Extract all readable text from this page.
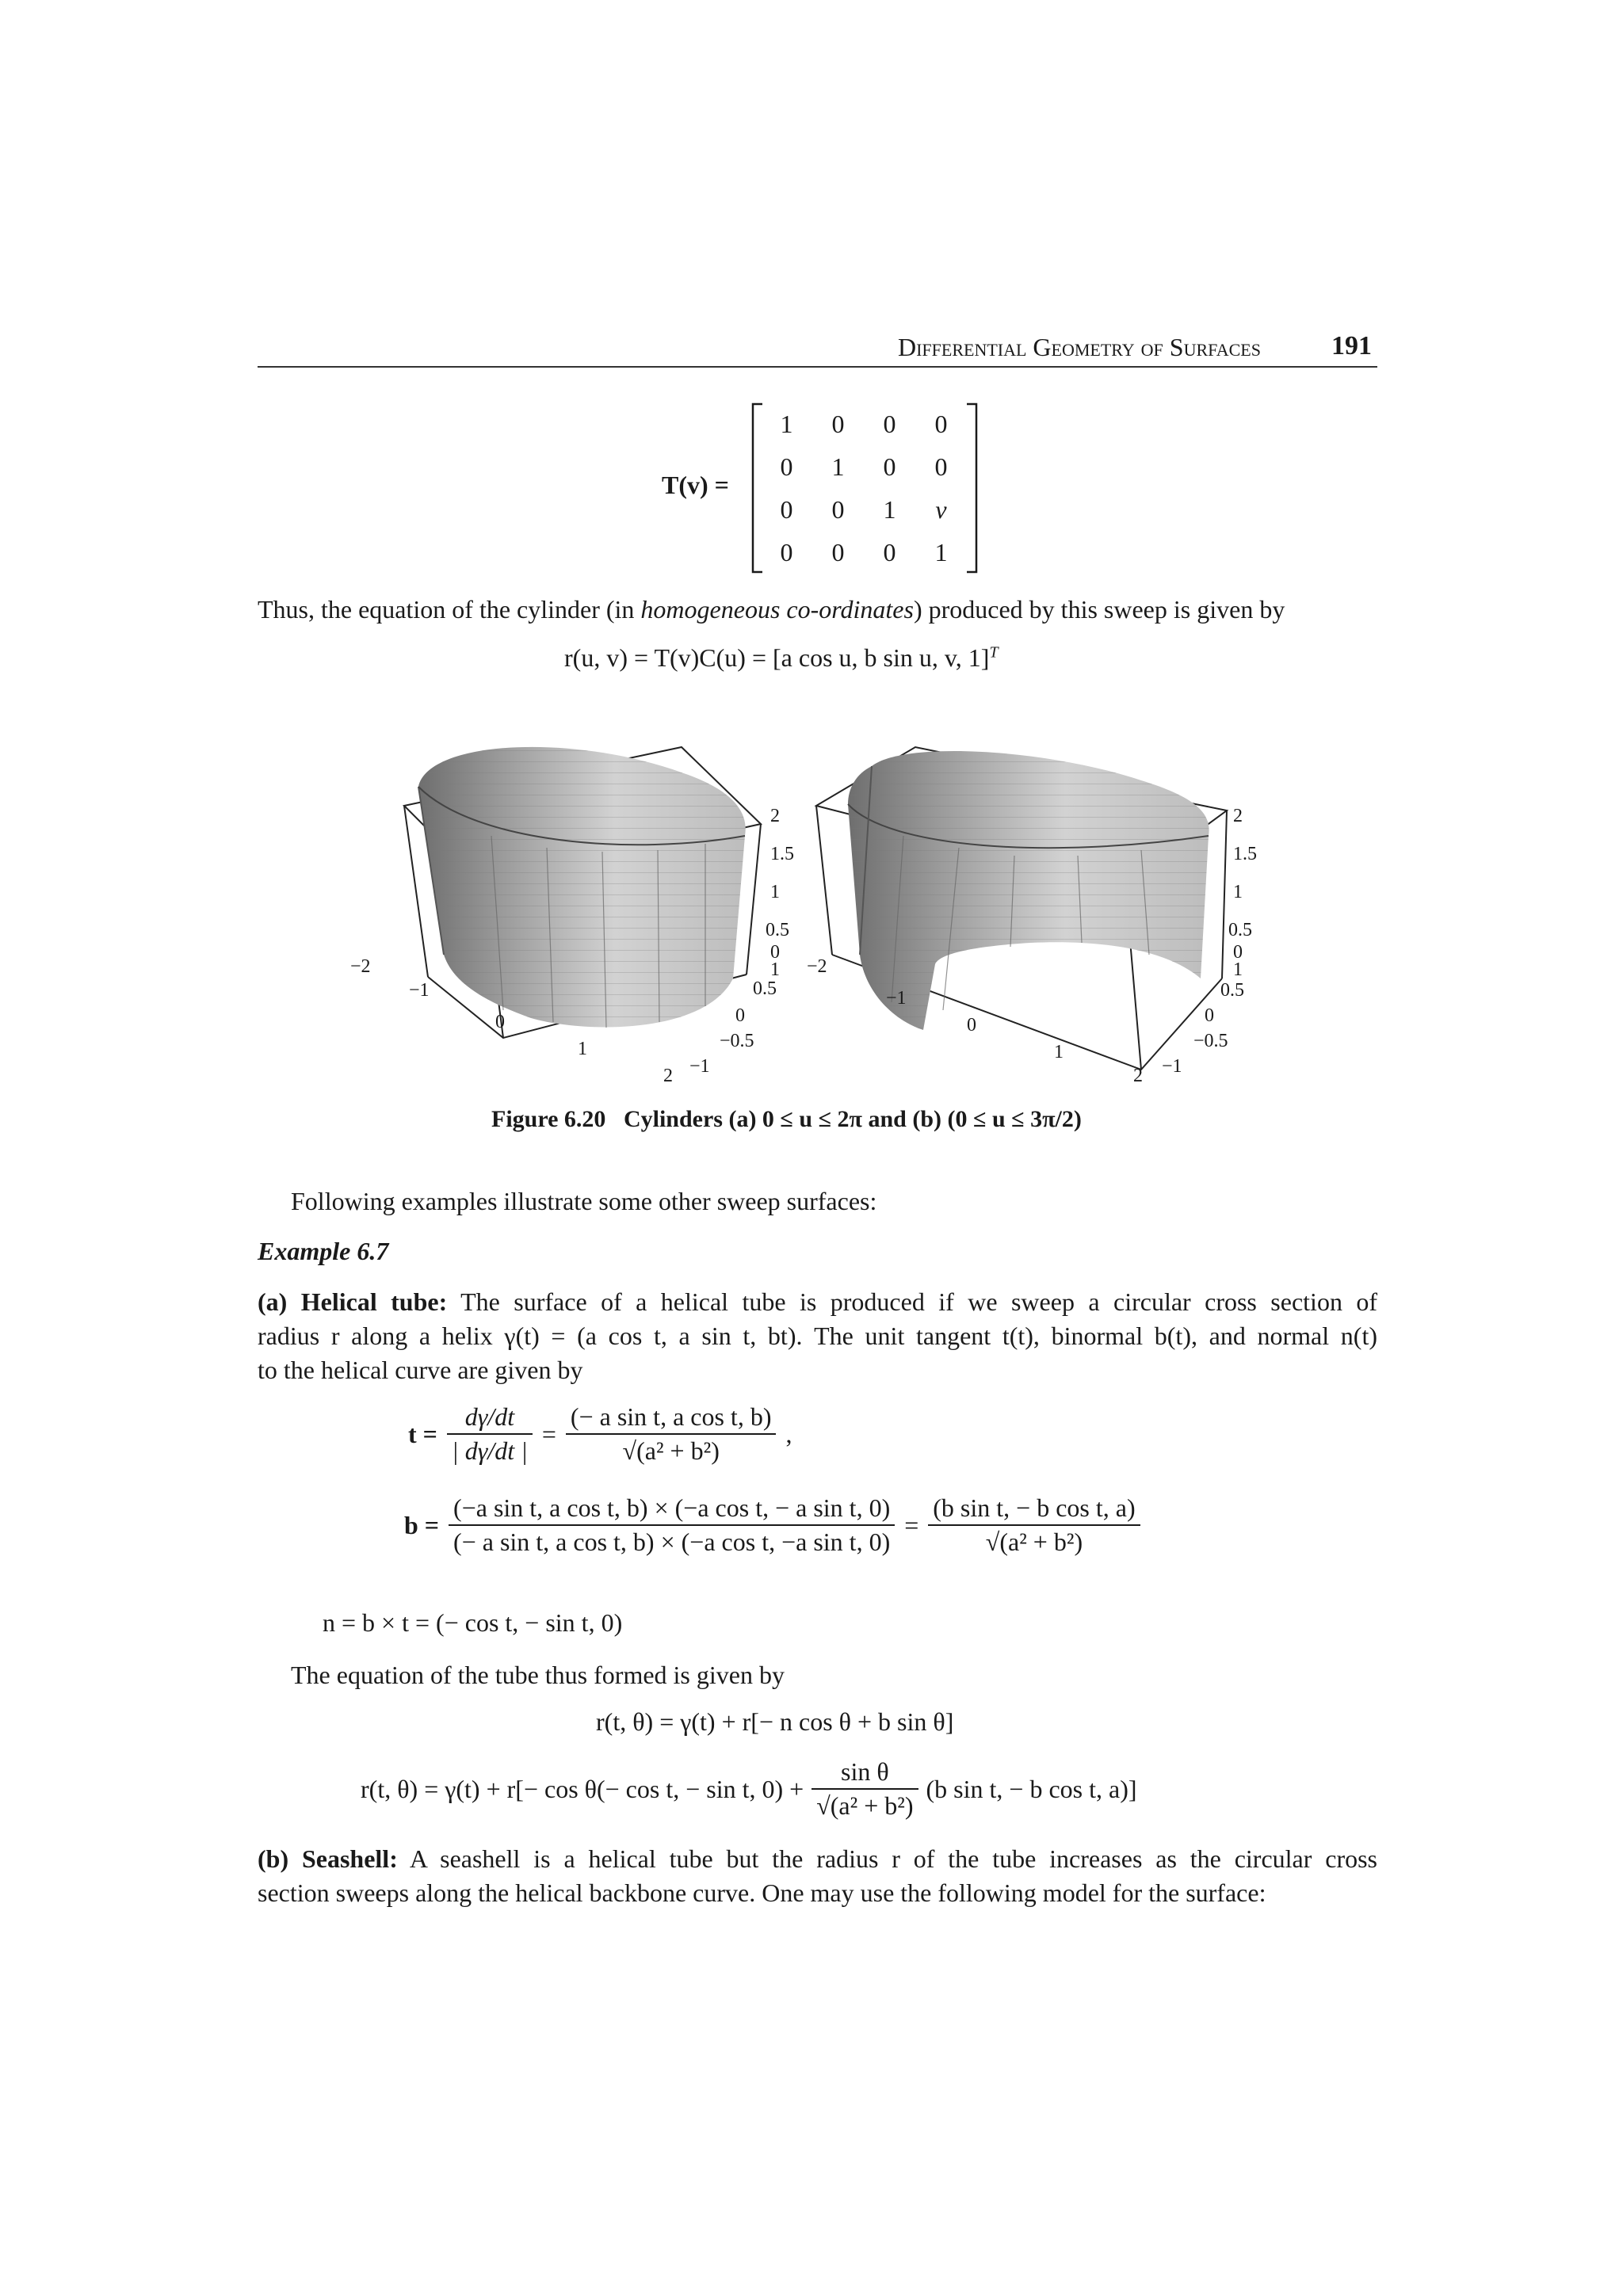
Differential Geometry of Surfaces	191
T(v) =
1	0	0	0
0	1	0	0
0	0	1	v
0	0	0	1
Thus, the equation of the cylinder (in homogeneous co-ordinates) produced by this sweep is given by
r(u, v) = T(v)C(u) = [a cos u, b sin u, v, 1]$^T$
2
1.5
1
0.5
0
1
0.5
0
−0.5
−1
−2
−1
0
1
2
2
1.5
1
0.5
0
1
0.5
0
−0.5
−1
−2
−1
0
1
2
Figure 6.20 Cylinders (a) 0 ≤ u ≤ 2π and (b) (0 ≤ u ≤ 3π/2)
Following examples illustrate some other sweep surfaces:
Example 6.7
(a) Helical tube: The surface of a helical tube is produced if we sweep a circular cross section of
radius r along a helix γ(t) = (a cos t, a sin t, bt). The unit tangent t(t), binormal b(t), and normal n(t)
to the helical curve are given by
$t = \frac{d\gamma/dt}{| d\gamma/dt |} = \frac{\text{(− a sin t, a cos t, b)}}{\text{√(a² + b²)}}$ ,
$b = \frac{\text{(−a sin t, a cos t, b) × (−a cos t, − a sin t, 0)}}{\text{(− a sin t, a cos t, b) × (−a cos t, −a sin t, 0)}} = \frac{\text{(b sin t, − b cos t, a)}}{\text{√(a² + b²)}}$
n = b × t = (− cos t, − sin t, 0)
The equation of the tube thus formed is given by
r(t, θ) = γ(t) + r[− n cos θ + b sin θ]
r(t, θ) = γ(t) + r[− cos θ(− cos t, − sin t, $0) + \frac{\text{sin θ}}{\text{√(a² + b²)}} (b$ sin t, − b cos t, a)]
(b) Seashell: A seashell is a helical tube but the radius r of the tube increases as the circular cross
section sweeps along the helical backbone curve. One may use the following model for the surface:
